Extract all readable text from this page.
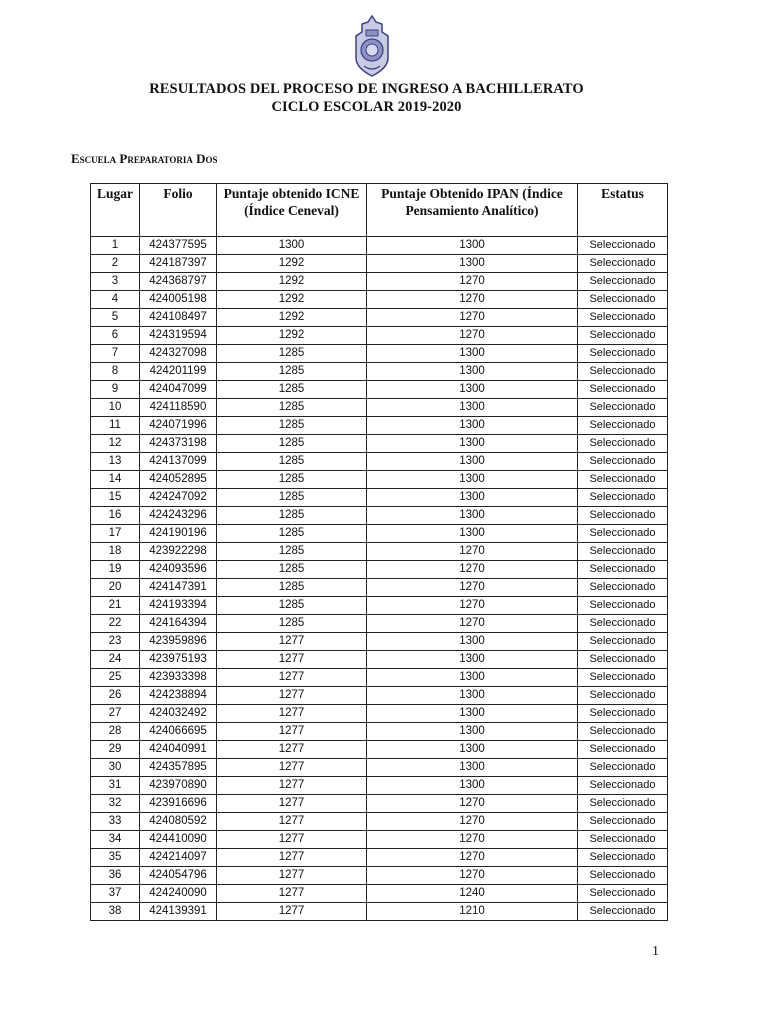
RESULTADOS DEL PROCESO DE INGRESO A BACHILLERATO
CICLO ESCOLAR 2019-2020
Escuela Preparatoria Dos
Lugar	Folio	Puntaje obtenido ICNE (Índice Ceneval)	Puntaje Obtenido IPAN (Índice Pensamiento Analítico)	Estatus
1	424377595	1300	1300	Seleccionado
2	424187397	1292	1300	Seleccionado
3	424368797	1292	1270	Seleccionado
4	424005198	1292	1270	Seleccionado
5	424108497	1292	1270	Seleccionado
6	424319594	1292	1270	Seleccionado
7	424327098	1285	1300	Seleccionado
8	424201199	1285	1300	Seleccionado
9	424047099	1285	1300	Seleccionado
10	424118590	1285	1300	Seleccionado
11	424071996	1285	1300	Seleccionado
12	424373198	1285	1300	Seleccionado
13	424137099	1285	1300	Seleccionado
14	424052895	1285	1300	Seleccionado
15	424247092	1285	1300	Seleccionado
16	424243296	1285	1300	Seleccionado
17	424190196	1285	1300	Seleccionado
18	423922298	1285	1270	Seleccionado
19	424093596	1285	1270	Seleccionado
20	424147391	1285	1270	Seleccionado
21	424193394	1285	1270	Seleccionado
22	424164394	1285	1270	Seleccionado
23	423959896	1277	1300	Seleccionado
24	423975193	1277	1300	Seleccionado
25	423933398	1277	1300	Seleccionado
26	424238894	1277	1300	Seleccionado
27	424032492	1277	1300	Seleccionado
28	424066695	1277	1300	Seleccionado
29	424040991	1277	1300	Seleccionado
30	424357895	1277	1300	Seleccionado
31	423970890	1277	1300	Seleccionado
32	423916696	1277	1270	Seleccionado
33	424080592	1277	1270	Seleccionado
34	424410090	1277	1270	Seleccionado
35	424214097	1277	1270	Seleccionado
36	424054796	1277	1270	Seleccionado
37	424240090	1277	1240	Seleccionado
38	424139391	1277	1210	Seleccionado
1
